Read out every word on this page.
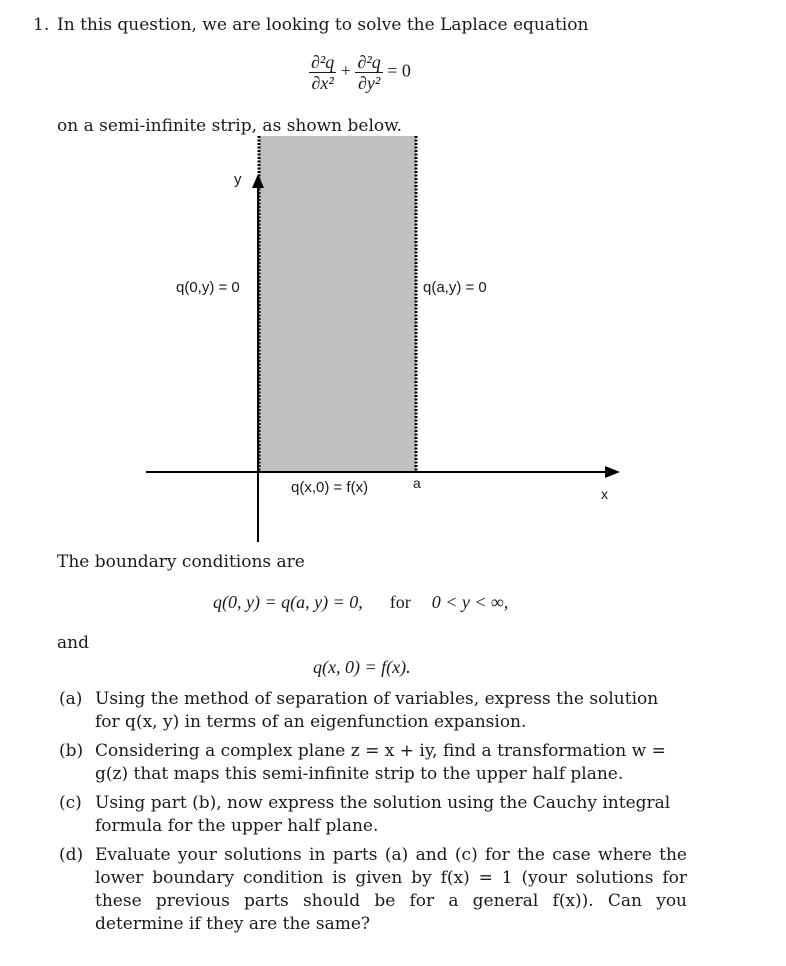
1. In this question, we are looking to solve the Laplace equation
$\frac{\text{∂²q}}{\text{∂x²}} + \frac{\text{∂²q}}{\text{∂y²}} = 0$
on a semi-infinite strip, as shown below.
y
x
q(0,y) = 0	q(a,y) = 0
q(x,0) = f(x)	a
The boundary conditions are
q(0, y) = q(a, y) = 0, for 0 < y < ∞,
and
q(x, 0) = f(x).
(a) Using the method of separation of variables, express the solution for q(x, y) in terms of an eigenfunction expansion.
(b) Considering a complex plane z = x + iy, find a transformation w = g(z) that maps this semi-infinite strip to the upper half plane.
(c) Using part (b), now express the solution using the Cauchy integral formula for the upper half plane.
(d) Evaluate your solutions in parts (a) and (c) for the case where the lower boundary condition is given by f(x) = 1 (your solutions for these previous parts should be for a general f(x)). Can you determine if they are the same?
